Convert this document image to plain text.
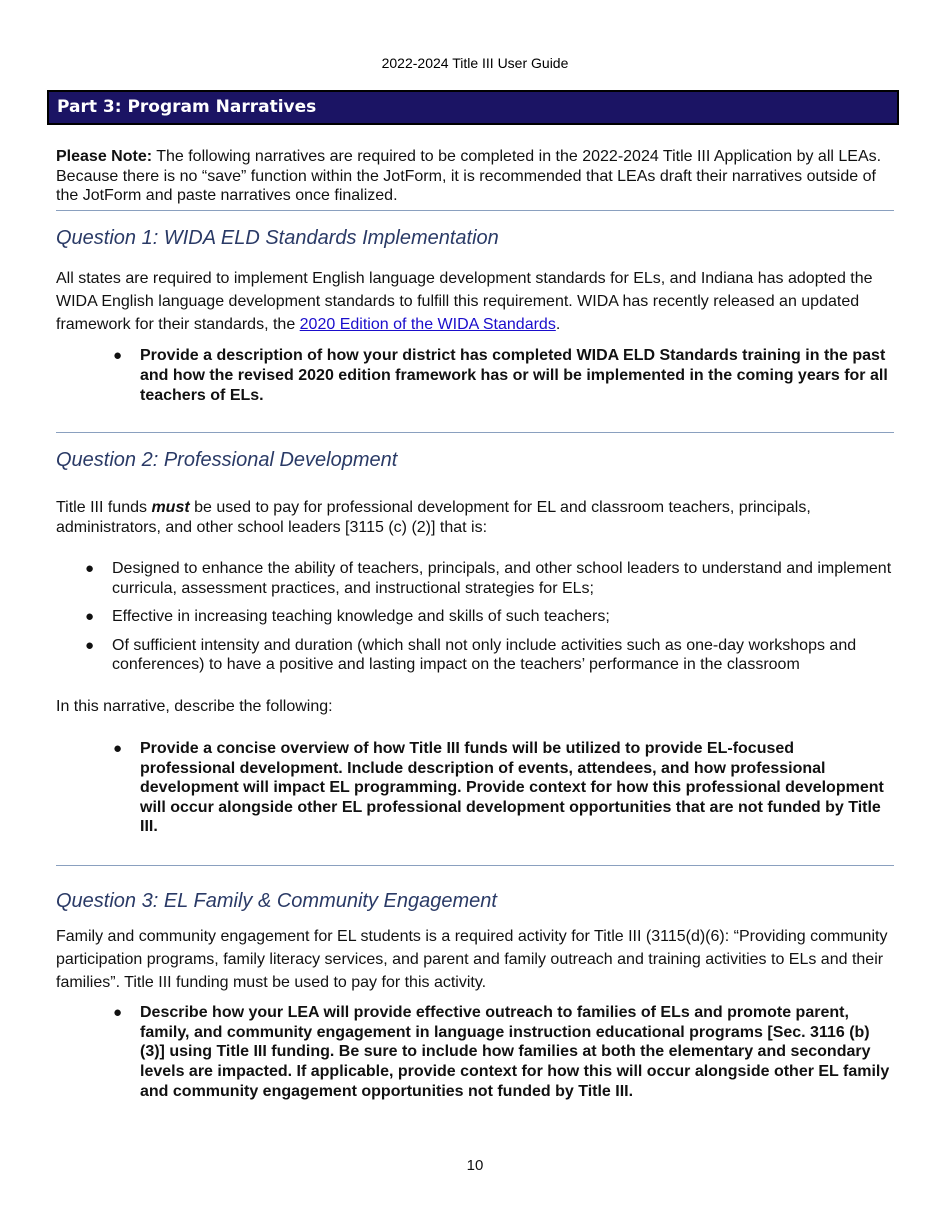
2022-2024 Title III User Guide
Part 3: Program Narratives
Please Note: The following narratives are required to be completed in the 2022-2024 Title III Application by all LEAs. Because there is no “save” function within the JotForm, it is recommended that LEAs draft their narratives outside of the JotForm and paste narratives once finalized.
Question 1: WIDA ELD Standards Implementation
All states are required to implement English language development standards for ELs, and Indiana has adopted the WIDA English language development standards to fulfill this requirement. WIDA has recently released an updated framework for their standards, the 2020 Edition of the WIDA Standards.
● Provide a description of how your district has completed WIDA ELD Standards training in the past and how the revised 2020 edition framework has or will be implemented in the coming years for all teachers of ELs.
Question 2: Professional Development
Title III funds must be used to pay for professional development for EL and classroom teachers, principals, administrators, and other school leaders [3115 (c) (2)] that is:
● Designed to enhance the ability of teachers, principals, and other school leaders to understand and implement curricula, assessment practices, and instructional strategies for ELs;
● Effective in increasing teaching knowledge and skills of such teachers;
● Of sufficient intensity and duration (which shall not only include activities such as one-day workshops and conferences) to have a positive and lasting impact on the teachers’ performance in the classroom
In this narrative, describe the following:
● Provide a concise overview of how Title III funds will be utilized to provide EL-focused professional development. Include description of events, attendees, and how professional development will impact EL programming. Provide context for how this professional development will occur alongside other EL professional development opportunities that are not funded by Title III.
Question 3: EL Family & Community Engagement
Family and community engagement for EL students is a required activity for Title III (3115(d)(6): “Providing community participation programs, family literacy services, and parent and family outreach and training activities to ELs and their families”. Title III funding must be used to pay for this activity.
● Describe how your LEA will provide effective outreach to families of ELs and promote parent, family, and community engagement in language instruction educational programs [Sec. 3116 (b) (3)] using Title III funding. Be sure to include how families at both the elementary and secondary levels are impacted. If applicable, provide context for how this will occur alongside other EL family and community engagement opportunities not funded by Title III.
10
